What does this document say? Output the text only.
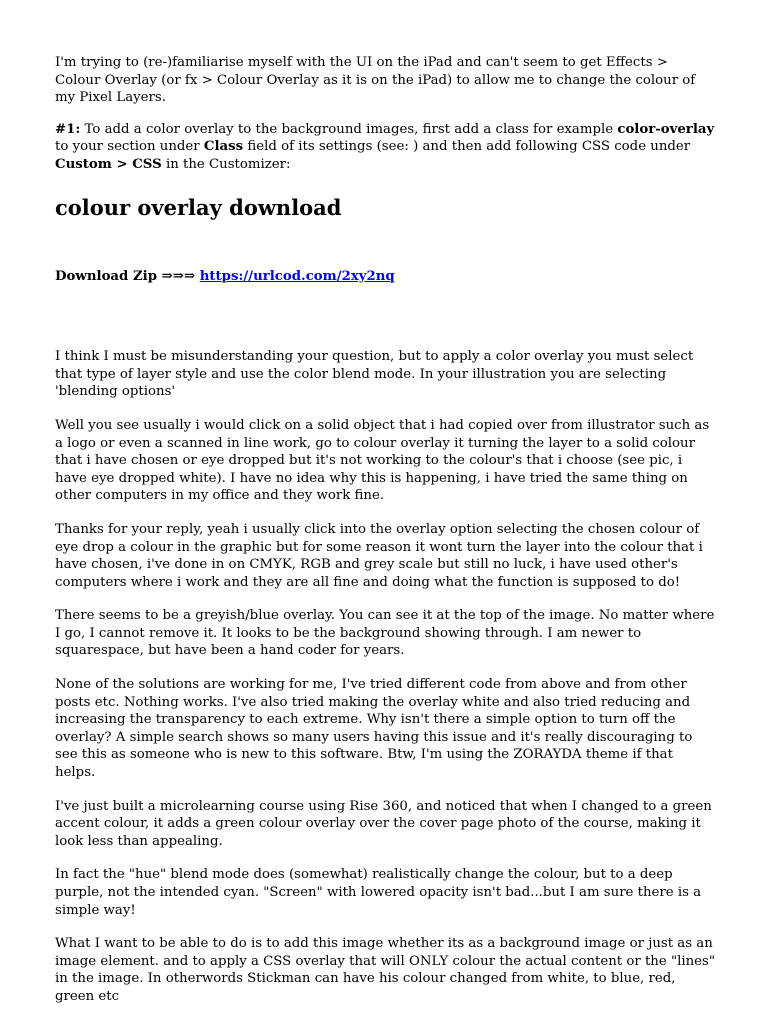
I'm trying to (re-)familiarise myself with the UI on the iPad and can't seem to get Effects > Colour Overlay (or fx > Colour Overlay as it is on the iPad) to allow me to change the colour of my Pixel Layers.

#1: To add a color overlay to the background images, first add a class for example color-overlay to your section under Class field of its settings (see: ) and then add following CSS code under Custom > CSS in the Customizer:

colour overlay download

Download Zip ⇒⇒⇒ https://urlcod.com/2xy2nq

I think I must be misunderstanding your question, but to apply a color overlay you must select that type of layer style and use the color blend mode. In your illustration you are selecting 'blending options'

Well you see usually i would click on a solid object that i had copied over from illustrator such as a logo or even a scanned in line work, go to colour overlay it turning the layer to a solid colour that i have chosen or eye dropped but it's not working to the colour's that i choose (see pic, i have eye dropped white). I have no idea why this is happening, i have tried the same thing on other computers in my office and they work fine.

Thanks for your reply, yeah i usually click into the overlay option selecting the chosen colour of eye drop a colour in the graphic but for some reason it wont turn the layer into the colour that i have chosen, i've done in on CMYK, RGB and grey scale but still no luck, i have used other's computers where i work and they are all fine and doing what the function is supposed to do!

There seems to be a greyish/blue overlay. You can see it at the top of the image. No matter where I go, I cannot remove it. It looks to be the background showing through. I am newer to squarespace, but have been a hand coder for years.

None of the solutions are working for me, I've tried different code from above and from other posts etc. Nothing works. I've also tried making the overlay white and also tried reducing and increasing the transparency to each extreme. Why isn't there a simple option to turn off the overlay? A simple search shows so many users having this issue and it's really discouraging to see this as someone who is new to this software. Btw, I'm using the ZORAYDA theme if that helps.

I've just built a microlearning course using Rise 360, and noticed that when I changed to a green accent colour, it adds a green colour overlay over the cover page photo of the course, making it look less than appealing.

In fact the "hue" blend mode does (somewhat) realistically change the colour, but to a deep purple, not the intended cyan. "Screen" with lowered opacity isn't bad...but I am sure there is a simple way!

What I want to be able to do is to add this image whether its as a background image or just as an image element. and to apply a CSS overlay that will ONLY colour the actual content or the "lines" in the image. In otherwords Stickman can have his colour changed from white, to blue, red, green etc
